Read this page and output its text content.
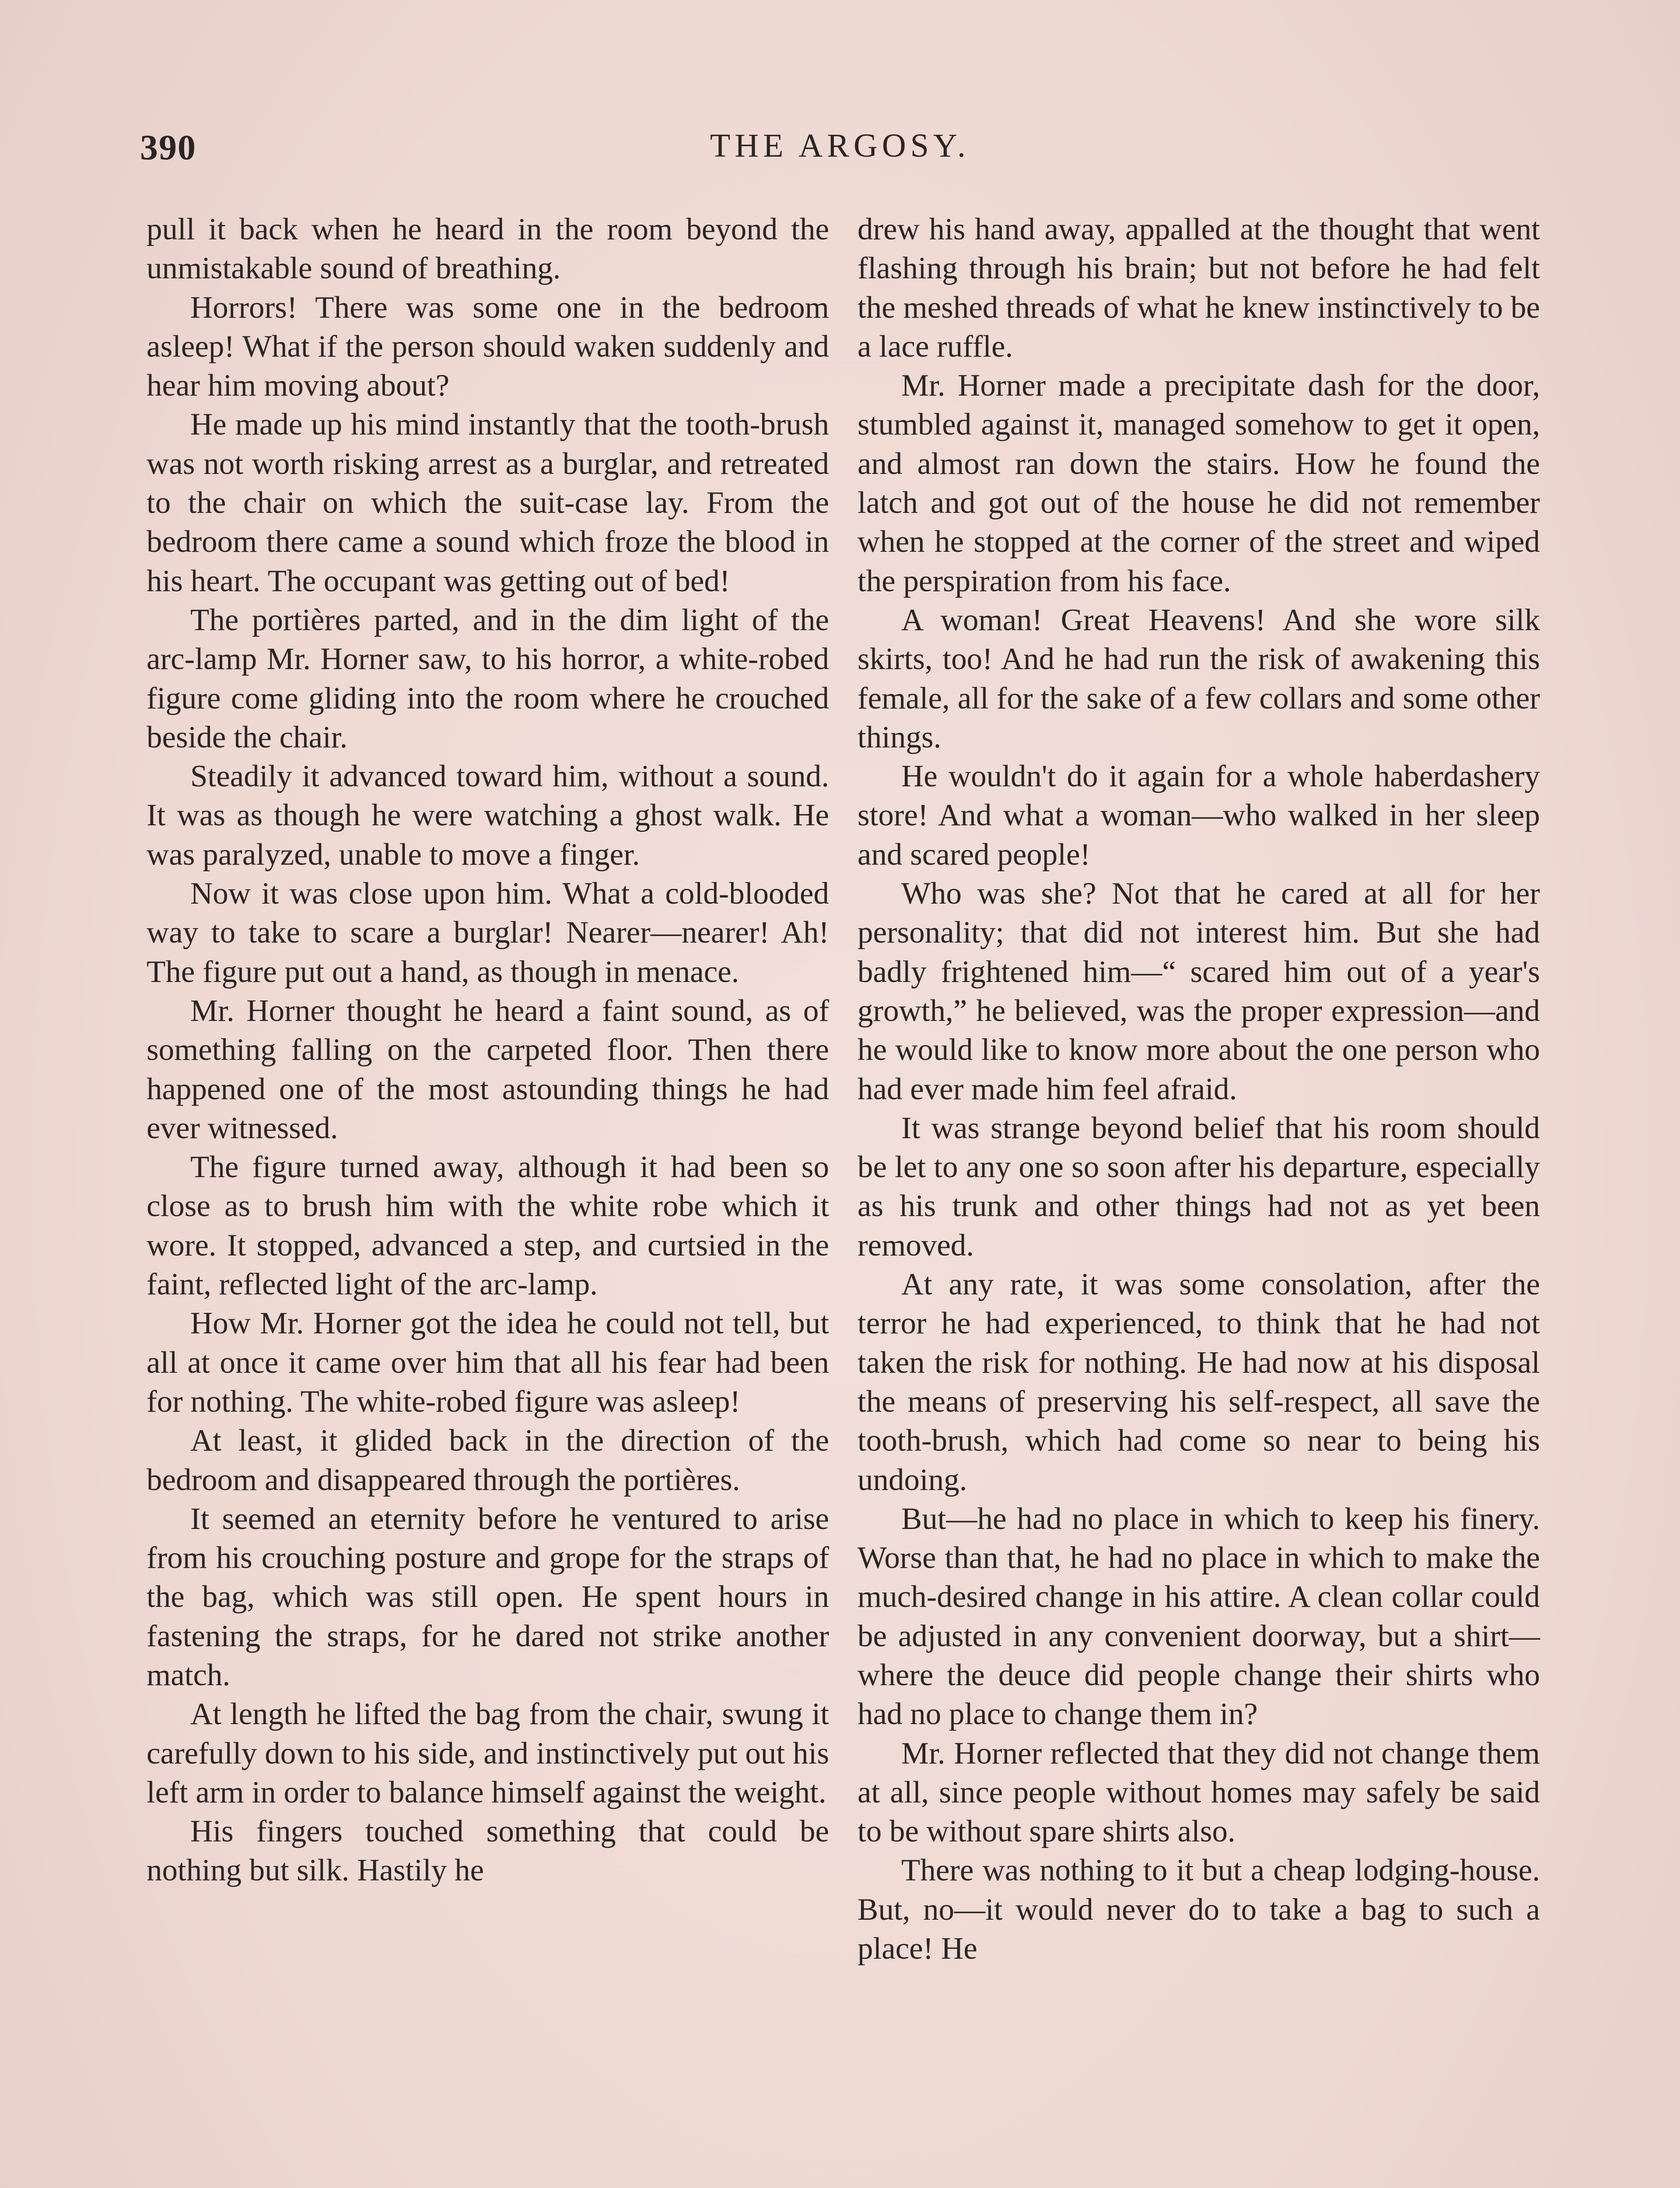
390	THE ARGOSY.

pull it back when he heard in the room beyond the unmistakable sound of breathing.

Horrors! There was some one in the bedroom asleep! What if the person should waken suddenly and hear him moving about?

He made up his mind instantly that the tooth-brush was not worth risking arrest as a burglar, and retreated to the chair on which the suit-case lay. From the bedroom there came a sound which froze the blood in his heart. The occupant was getting out of bed!

The portières parted, and in the dim light of the arc-lamp Mr. Horner saw, to his horror, a white-robed figure come gliding into the room where he crouched beside the chair.

Steadily it advanced toward him, without a sound. It was as though he were watching a ghost walk. He was paralyzed, unable to move a finger.

Now it was close upon him. What a cold-blooded way to take to scare a burglar! Nearer—nearer! Ah! The figure put out a hand, as though in menace.

Mr. Horner thought he heard a faint sound, as of something falling on the carpeted floor. Then there happened one of the most astounding things he had ever witnessed.

The figure turned away, although it had been so close as to brush him with the white robe which it wore. It stopped, advanced a step, and curtsied in the faint, reflected light of the arc-lamp.

How Mr. Horner got the idea he could not tell, but all at once it came over him that all his fear had been for nothing. The white-robed figure was asleep!

At least, it glided back in the direction of the bedroom and disappeared through the portières.

It seemed an eternity before he ventured to arise from his crouching posture and grope for the straps of the bag, which was still open. He spent hours in fastening the straps, for he dared not strike another match.

At length he lifted the bag from the chair, swung it carefully down to his side, and instinctively put out his left arm in order to balance himself against the weight.

His fingers touched something that could be nothing but silk. Hastily he

drew his hand away, appalled at the thought that went flashing through his brain; but not before he had felt the meshed threads of what he knew instinctively to be a lace ruffle.

Mr. Horner made a precipitate dash for the door, stumbled against it, managed somehow to get it open, and almost ran down the stairs. How he found the latch and got out of the house he did not remember when he stopped at the corner of the street and wiped the perspiration from his face.

A woman! Great Heavens! And she wore silk skirts, too! And he had run the risk of awakening this female, all for the sake of a few collars and some other things.

He wouldn't do it again for a whole haberdashery store! And what a woman—who walked in her sleep and scared people!

Who was she? Not that he cared at all for her personality; that did not interest him. But she had badly frightened him—“ scared him out of a year's growth,” he believed, was the proper expression—and he would like to know more about the one person who had ever made him feel afraid.

It was strange beyond belief that his room should be let to any one so soon after his departure, especially as his trunk and other things had not as yet been removed.

At any rate, it was some consolation, after the terror he had experienced, to think that he had not taken the risk for nothing. He had now at his disposal the means of preserving his self-respect, all save the tooth-brush, which had come so near to being his undoing.

But—he had no place in which to keep his finery. Worse than that, he had no place in which to make the much-desired change in his attire. A clean collar could be adjusted in any convenient doorway, but a shirt—where the deuce did people change their shirts who had no place to change them in?

Mr. Horner reflected that they did not change them at all, since people without homes may safely be said to be without spare shirts also.

There was nothing to it but a cheap lodging-house. But, no—it would never do to take a bag to such a place! He
